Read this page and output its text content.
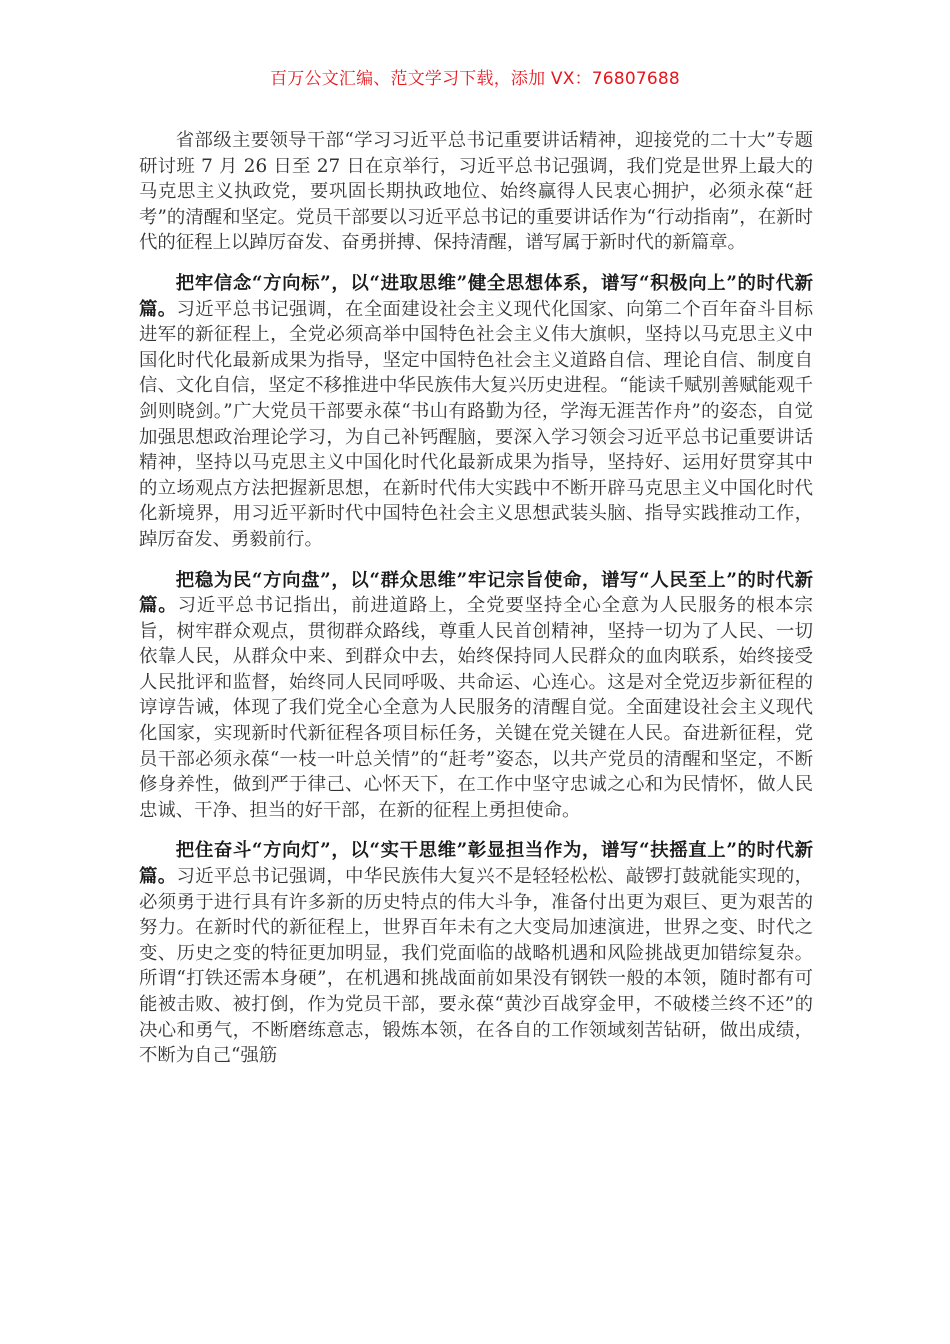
百万公文汇编、范文学习下载，添加 VX：76807688

省部级主要领导干部“学习习近平总书记重要讲话精神，迎接党的二十大”专题研讨班 7 月 26 日至 27 日在京举行，习近平总书记强调，我们党是世界上最大的马克思主义执政党，要巩固长期执政地位、始终赢得人民衷心拥护，必须永葆“赶考”的清醒和坚定。党员干部要以习近平总书记的重要讲话作为“行动指南”，在新时代的征程上以踔厉奋发、奋勇拼搏、保持清醒，谱写属于新时代的新篇章。

把牢信念“方向标”，以“进取思维”健全思想体系，谱写“积极向上”的时代新篇。习近平总书记强调，在全面建设社会主义现代化国家、向第二个百年奋斗目标进军的新征程上，全党必须高举中国特色社会主义伟大旗帜，坚持以马克思主义中国化时代化最新成果为指导，坚定中国特色社会主义道路自信、理论自信、制度自信、文化自信，坚定不移推进中华民族伟大复兴历史进程。“能读千赋别善赋能观千剑则晓剑。”广大党员干部要永葆“书山有路勤为径，学海无涯苦作舟”的姿态，自觉加强思想政治理论学习，为自己补钙醒脑，要深入学习领会习近平总书记重要讲话精神，坚持以马克思主义中国化时代化最新成果为指导，坚持好、运用好贯穿其中的立场观点方法把握新思想，在新时代伟大实践中不断开辟马克思主义中国化时代化新境界，用习近平新时代中国特色社会主义思想武装头脑、指导实践推动工作，踔厉奋发、勇毅前行。

把稳为民“方向盘”，以“群众思维”牢记宗旨使命，谱写“人民至上”的时代新篇。习近平总书记指出，前进道路上，全党要坚持全心全意为人民服务的根本宗旨，树牢群众观点，贯彻群众路线，尊重人民首创精神，坚持一切为了人民、一切依靠人民，从群众中来、到群众中去，始终保持同人民群众的血肉联系，始终接受人民批评和监督，始终同人民同呼吸、共命运、心连心。这是对全党迈步新征程的谆谆告诫，体现了我们党全心全意为人民服务的清醒自觉。全面建设社会主义现代化国家，实现新时代新征程各项目标任务，关键在党关键在人民。奋进新征程，党员干部必须永葆“一枝一叶总关情”的“赶考”姿态，以共产党员的清醒和坚定，不断修身养性，做到严于律己、心怀天下，在工作中坚守忠诚之心和为民情怀，做人民忠诚、干净、担当的好干部，在新的征程上勇担使命。

把住奋斗“方向灯”，以“实干思维”彰显担当作为，谱写“扶摇直上”的时代新篇。习近平总书记强调，中华民族伟大复兴不是轻轻松松、敲锣打鼓就能实现的，必须勇于进行具有许多新的历史特点的伟大斗争，准备付出更为艰巨、更为艰苦的努力。在新时代的新征程上，世界百年未有之大变局加速演进，世界之变、时代之变、历史之变的特征更加明显，我们党面临的战略机遇和风险挑战更加错综复杂。所谓“打铁还需本身硬”，在机遇和挑战面前如果没有钢铁一般的本领，随时都有可能被击败、被打倒，作为党员干部，要永葆“黄沙百战穿金甲，不破楼兰终不还”的决心和勇气，不断磨练意志，锻炼本领，在各自的工作领域刻苦钻研，做出成绩，不断为自己“强筋
